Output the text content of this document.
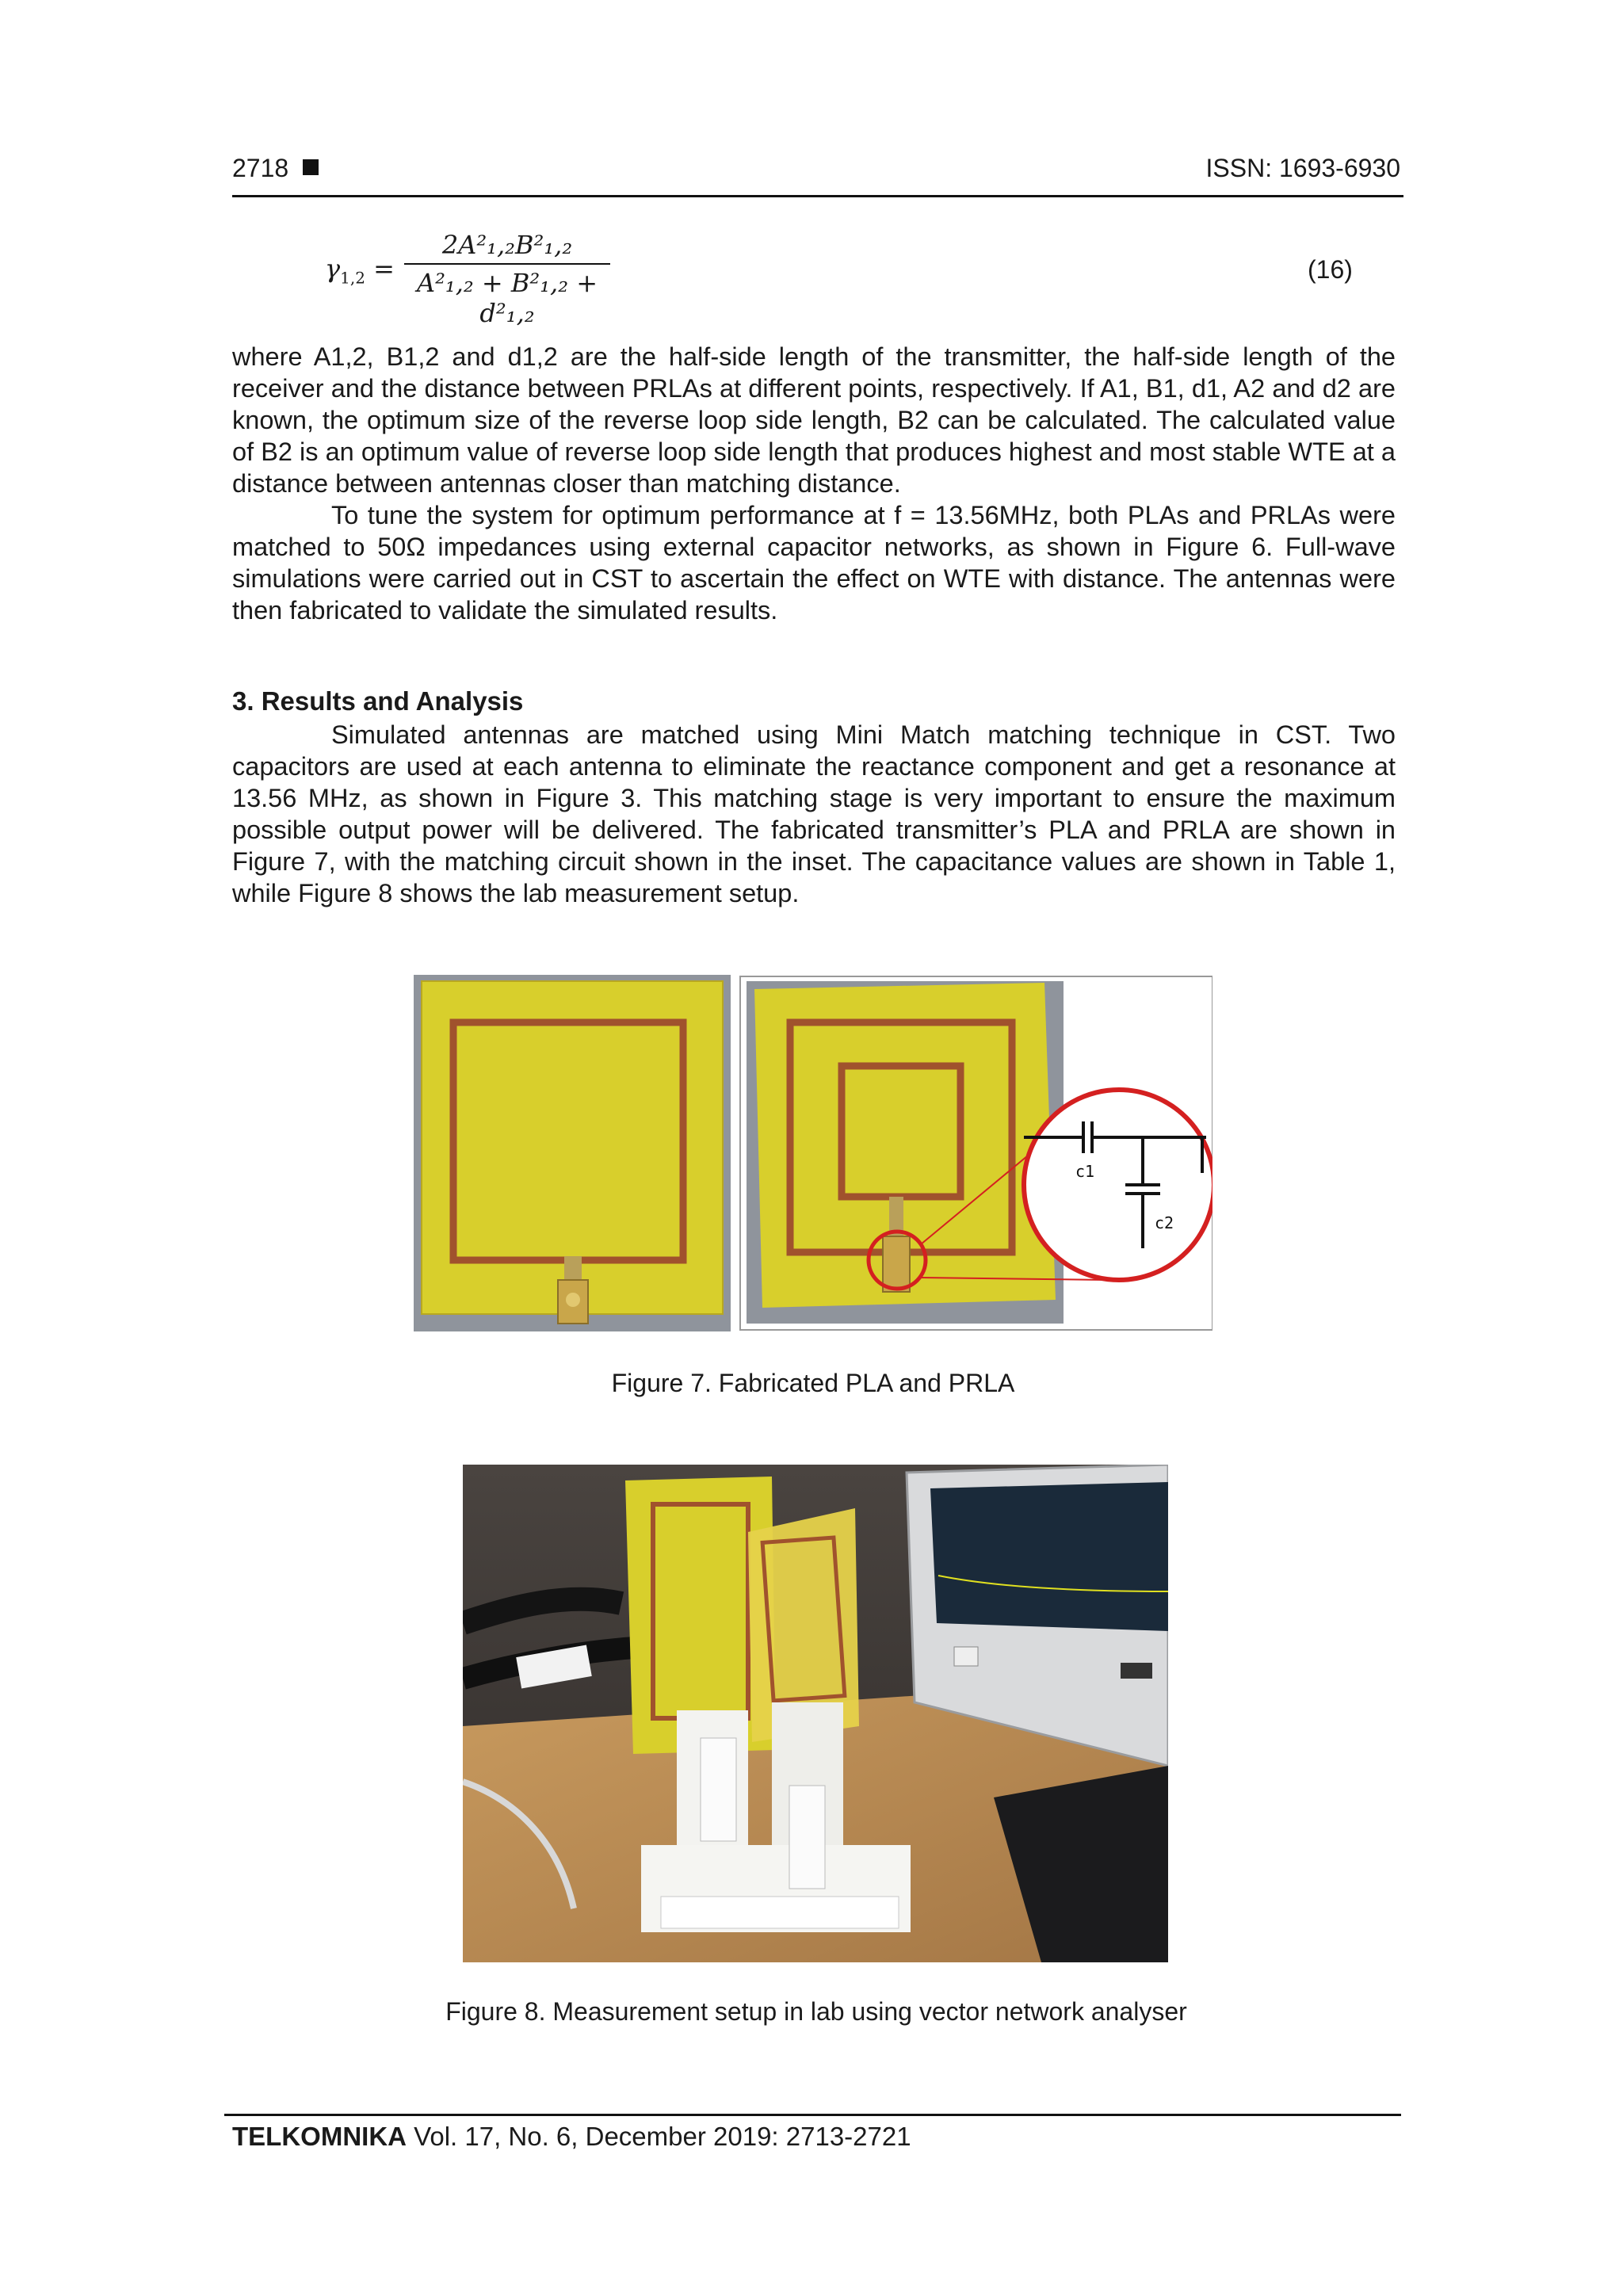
2718	ISSN: 1693-6930
$\gamma_{1,2}$ =
2A²₁,₂B²₁,₂
A²₁,₂ + B²₁,₂ + d²₁,₂
(16)
where A1,2, B1,2 and d1,2 are the half-side length of the transmitter, the half-side length of the receiver and the distance between PRLAs at different points, respectively. If A1, B1, d1, A2 and d2 are known, the optimum size of the reverse loop side length, B2 can be calculated. The calculated value of B2 is an optimum value of reverse loop side length that produces highest and most stable WTE at a distance between antennas closer than matching distance.
To tune the system for optimum performance at f = 13.56MHz, both PLAs and PRLAs were matched to 50Ω impedances using external capacitor networks, as shown in Figure 6. Full-wave simulations were carried out in CST to ascertain the effect on WTE with distance. The antennas were then fabricated to validate the simulated results.
3. Results and Analysis
Simulated antennas are matched using Mini Match matching technique in CST. Two capacitors are used at each antenna to eliminate the reactance component and get a resonance at 13.56 MHz, as shown in Figure 3. This matching stage is very important to ensure the maximum possible output power will be delivered. The fabricated transmitter’s PLA and PRLA are shown in Figure 7, with the matching circuit shown in the inset. The capacitance values are shown in Table 1, while Figure 8 shows the lab measurement setup.
c1
c2
Figure 7. Fabricated PLA and PRLA
Figure 8. Measurement setup in lab using vector network analyser
TELKOMNIKA Vol. 17, No. 6, December 2019: 2713-2721
